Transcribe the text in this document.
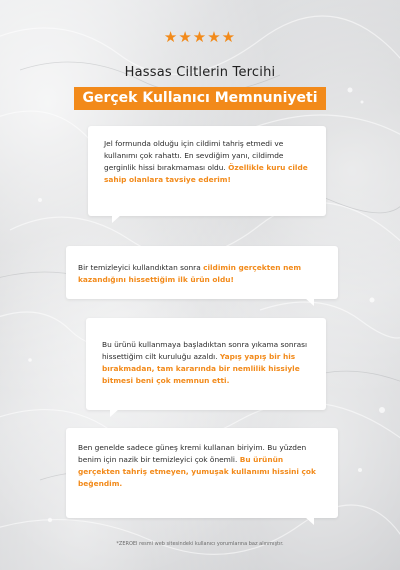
★★★★★
Hassas Ciltlerin Tercihi
Gerçek Kullanıcı Memnuniyeti
Jel formunda olduğu için cildimi tahriş etmedi ve kullanımı çok rahattı. En sevdiğim yanı, cildimde gerginlik hissi bırakmaması oldu. Özellikle kuru cilde sahip olanlara tavsiye ederim!
Bir temizleyici kullandıktan sonra cildimin gerçekten nem kazandığını hissettiğim ilk ürün oldu!
Bu ürünü kullanmaya başladıktan sonra yıkama sonrası hissettiğim cilt kuruluğu azaldı. Yapış yapış bir his bırakmadan, tam kararında bir nemlilik hissiyle bitmesi beni çok memnun etti.
Ben genelde sadece güneş kremi kullanan biriyim. Bu yüzden benim için nazik bir temizleyici çok önemli. Bu ürünün gerçekten tahriş etmeyen, yumuşak kullanımı hissini çok beğendim.
*ZEROEI resmi web sitesindeki kullanıcı yorumlarına baz alınmıştır.
